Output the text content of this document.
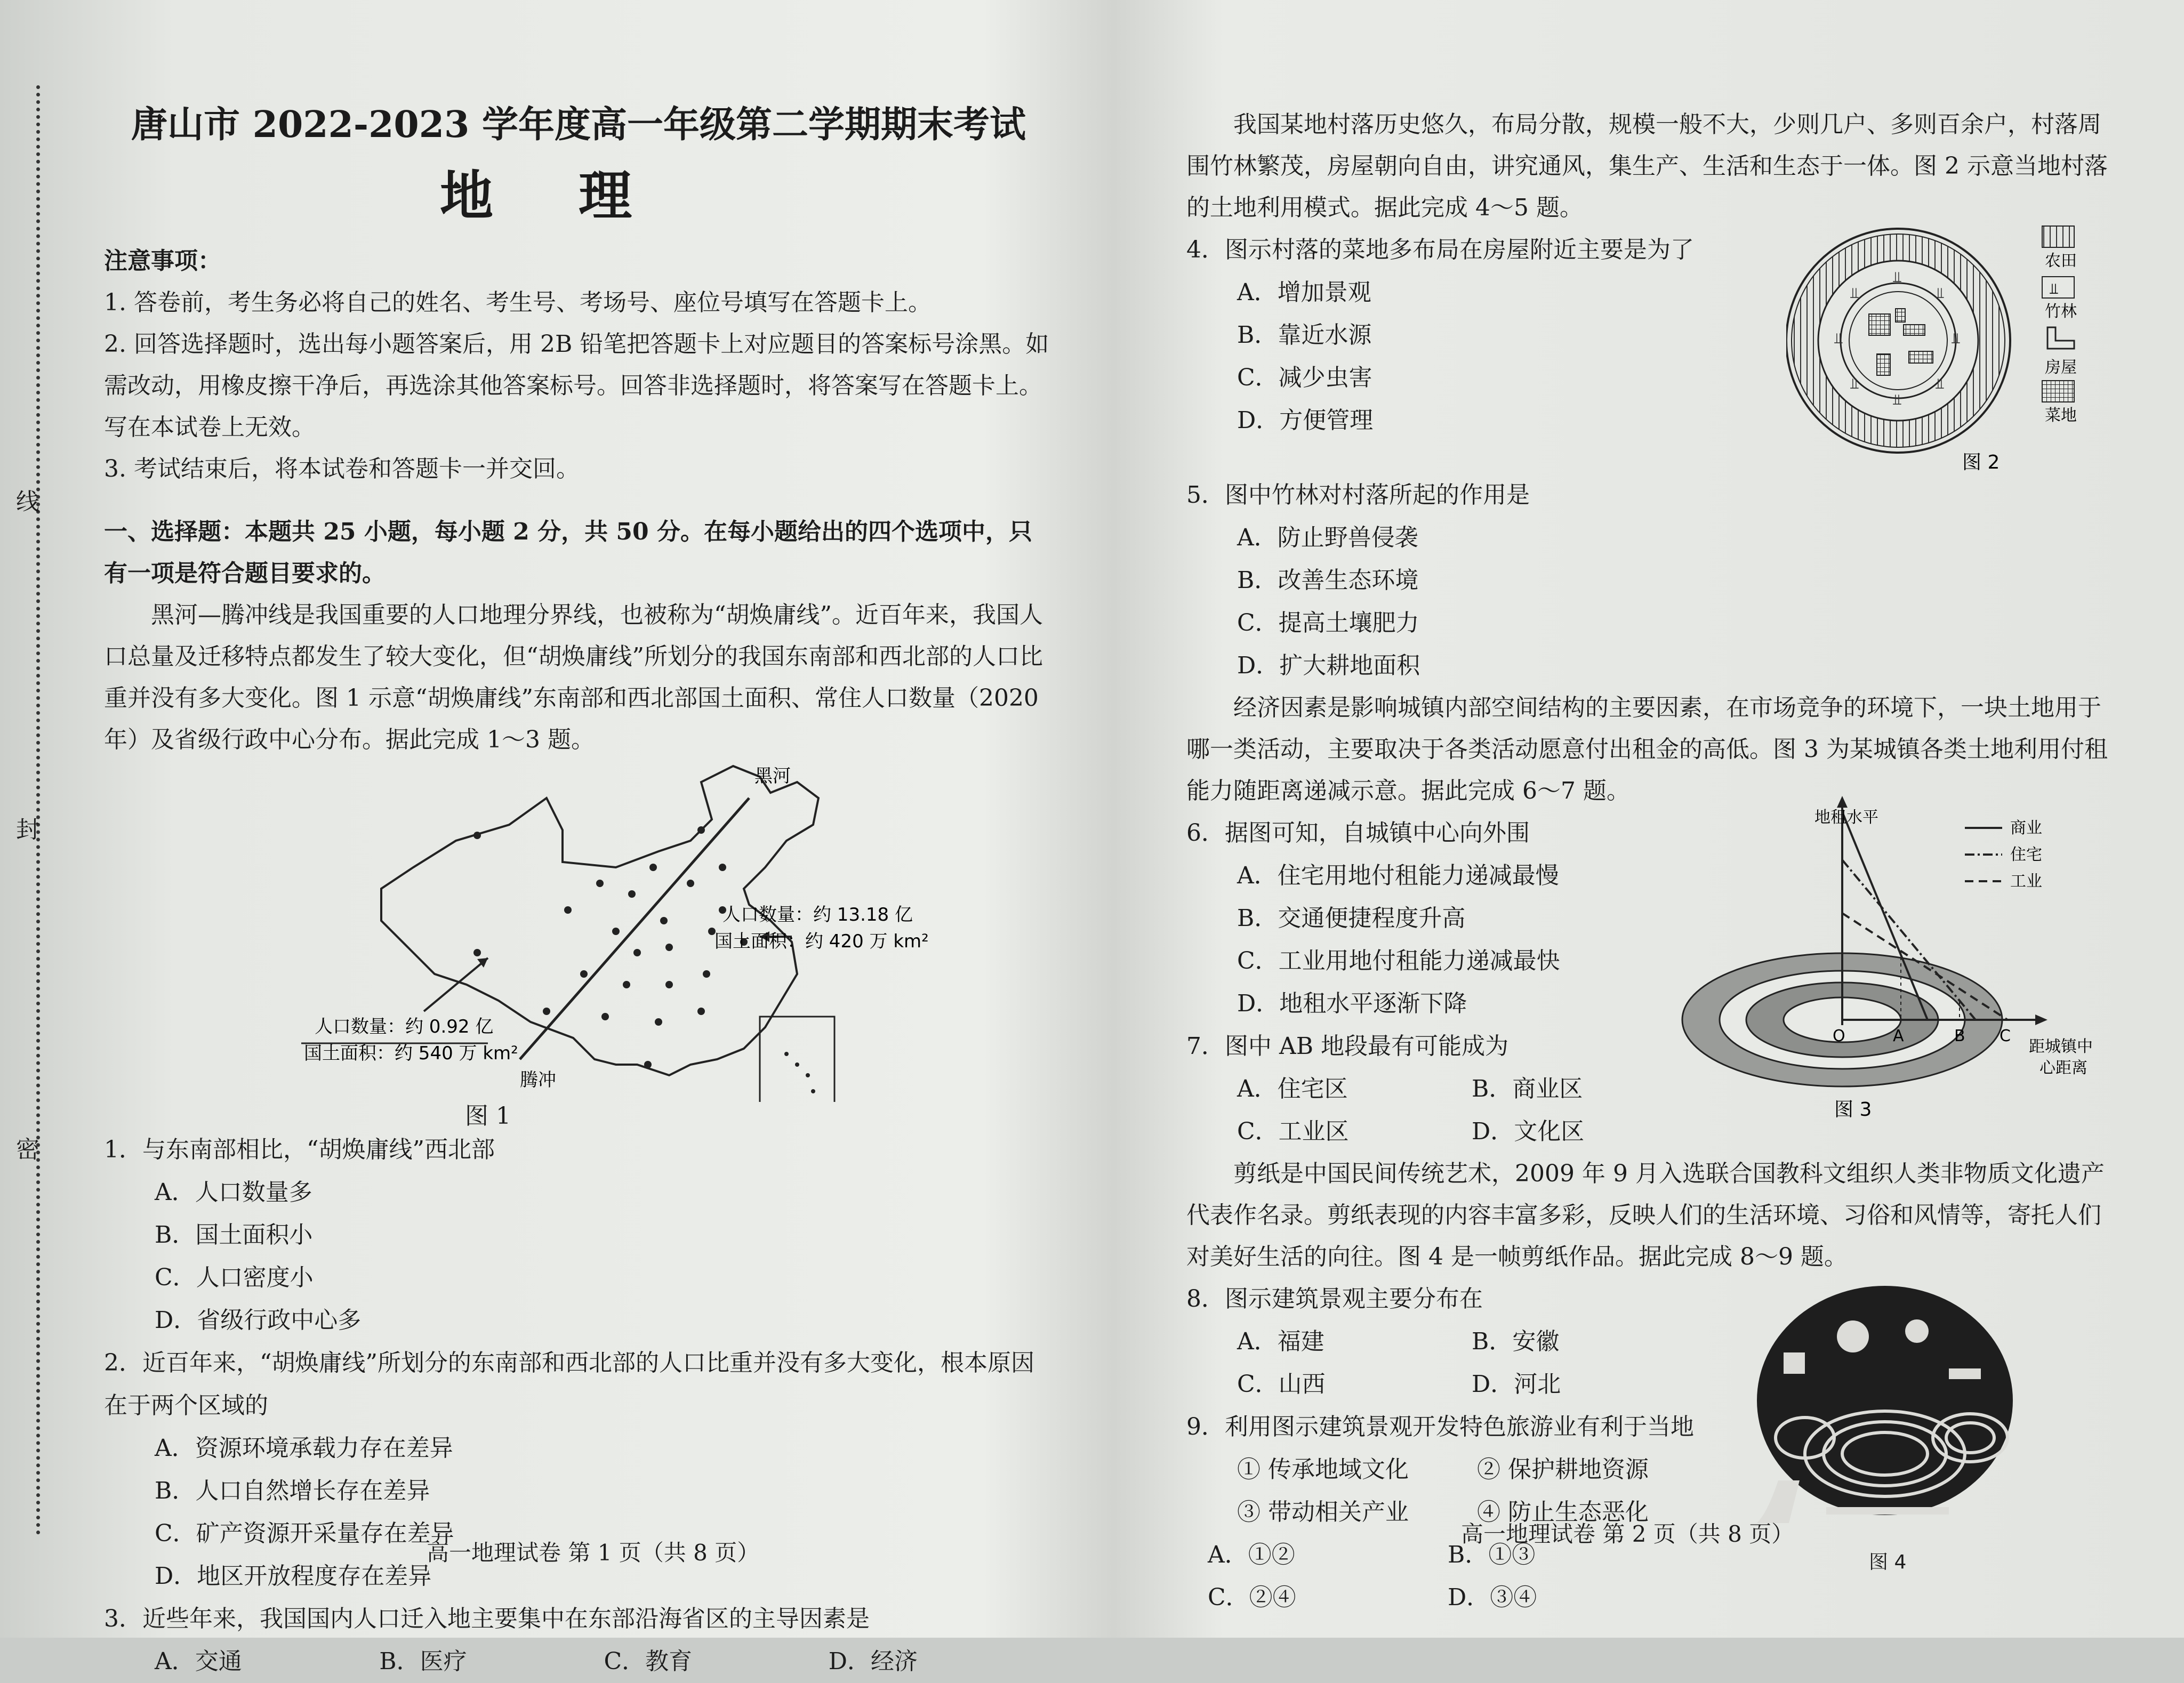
线
封
密

唐山市 2022-2023 学年度高一年级第二学期期末考试

地理

注意事项：

1. 答卷前，考生务必将自己的姓名、考生号、考场号、座位号填写在答题卡上。

2. 回答选择题时，选出每小题答案后，用 2B 铅笔把答题卡上对应题目的答案标号涂黑。如需改动，用橡皮擦干净后，再选涂其他答案标号。回答非选择题时，将答案写在答题卡上。写在本试卷上无效。

3. 考试结束后，将本试卷和答题卡一并交回。

一、选择题：本题共 25 小题，每小题 2 分，共 50 分。在每小题给出的四个选项中，只有一项是符合题目要求的。

黑河—腾冲线是我国重要的人口地理分界线，也被称为“胡焕庸线”。近百年来，我国人口总量及迁移特点都发生了较大变化，但“胡焕庸线”所划分的我国东南部和西北部的人口比重并没有多大变化。图 1 示意“胡焕庸线”东南部和西北部国土面积、常住人口数量（2020 年）及省级行政中心分布。据此完成 1～3 题。

黑河
腾冲
人口数量：约 13.18 亿
国土面积：约 420 万 km²
人口数量：约 0.92 亿
国土面积：约 540 万 km²

图 1

1．与东南部相比，“胡焕庸线”西北部

A．人口数量多
B．国土面积小
C．人口密度小
D．省级行政中心多

2．近百年来，“胡焕庸线”所划分的东南部和西北部的人口比重并没有多大变化，根本原因在于两个区域的

A．资源环境承载力存在差异
B．人口自然增长存在差异
C．矿产资源开采量存在差异
D．地区开放程度存在差异

3．近些年来，我国国内人口迁入地主要集中在东部沿海省区的主导因素是

A．交通	B．医疗	C．教育	D．经济
高一地理试卷 第 1 页（共 8 页）

我国某地村落历史悠久，布局分散，规模一般不大，少则几户、多则百余户，村落周围竹林繁茂，房屋朝向自由，讲究通风，集生产、生活和生态于一体。图 2 示意当地村落的土地利用模式。据此完成 4～5 题。

4．图示村落的菜地多布局在房屋附近主要是为了

A．增加景观

B．靠近水源

C．减少虫害

D．方便管理

⫫
⫫
⫫
⫫
⫫
⫫
⫫
⫫
农田
⫫
竹林
房屋
菜地
图 2

5．图中竹林对村落所起的作用是

A．防止野兽侵袭
B．改善生态环境
C．提高土壤肥力
D．扩大耕地面积

经济因素是影响城镇内部空间结构的主要因素，在市场竞争的环境下，一块土地用于哪一类活动，主要取决于各类活动愿意付出租金的高低。图 3 为某城镇各类土地利用付租能力随距离递减示意。据此完成 6～7 题。

6．据图可知，自城镇中心向外围

A．住宅用地付租能力递减最慢

B．交通便捷程度升高

C．工业用地付租能力递减最快

D．地租水平逐渐下降

7．图中 AB 地段最有可能成为

A．住宅区	B．商业区
C．工业区	D．文化区
地租水平
O	A	B C
距城镇中
心距离
商业
住宅
工业
图 3

剪纸是中国民间传统艺术，2009 年 9 月入选联合国教科文组织人类非物质文化遗产代表作名录。剪纸表现的内容丰富多彩，反映人们的生活环境、习俗和风情等，寄托人们对美好生活的向往。图 4 是一帧剪纸作品。据此完成 8～9 题。

8．图示建筑景观主要分布在

A．福建	B．安徽
C．山西	D．河北

9．利用图示建筑景观开发特色旅游业有利于当地

① 传承地域文化	② 保护耕地资源
③ 带动相关产业	④ 防止生态恶化
A．①②	B．①③
C．②④	D．③④
图 4
高一地理试卷 第 2 页（共 8 页）
